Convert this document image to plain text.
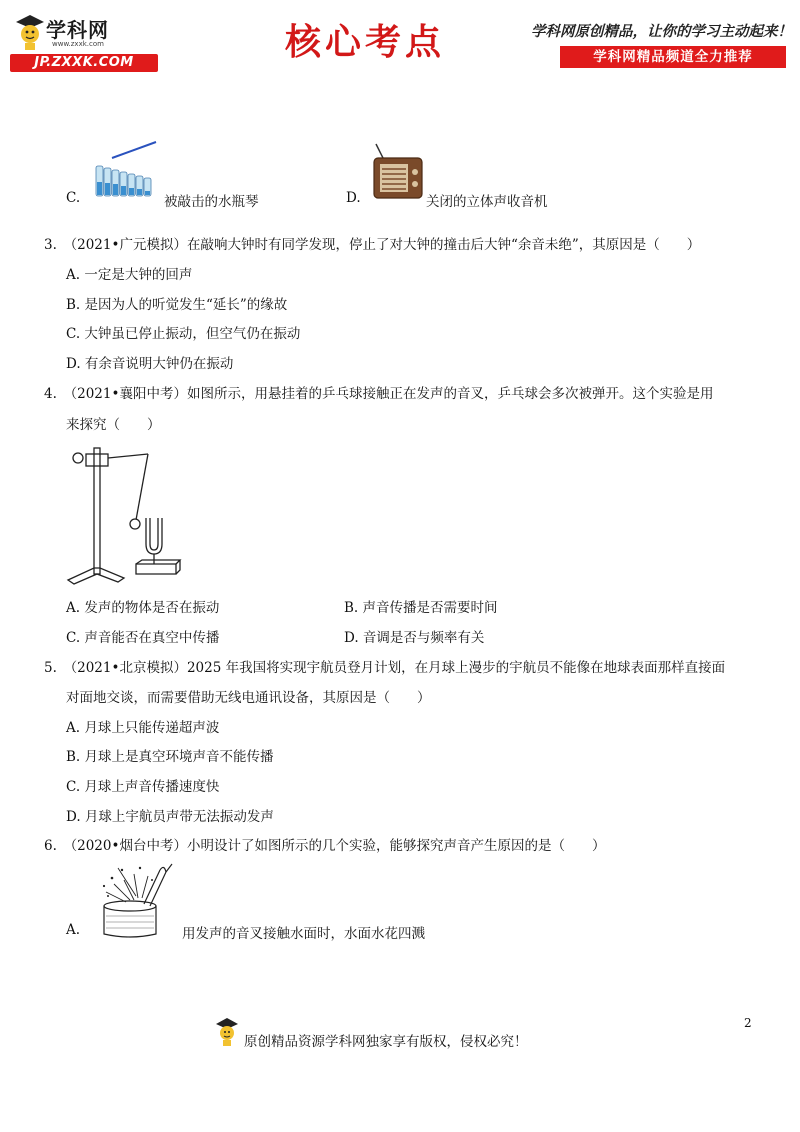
学科网
www.zxxk.com
JP.ZXXK.COM	核心考点	学科网原创精品，让你的学习主动起来！
学科网精品频道全力推荐
C.	被敲击的水瓶琴	D.	关闭的立体声收音机
3.　（2021•广元模拟）在敲响大钟时有同学发现，停止了对大钟的撞击后大钟“余音未绝”，其原因是（　　）
A. 一定是大钟的回声
B. 是因为人的听觉发生“延长”的缘故
C. 大钟虽已停止振动，但空气仍在振动
D. 有余音说明大钟仍在振动
4.　（2021•襄阳中考）如图所示，用悬挂着的乒乓球接触正在发声的音叉，乒乓球会多次被弹开。这个实验是用
来探究（　　）
A. 发声的物体是否在振动	B. 声音传播是否需要时间
C. 声音能否在真空中传播	D. 音调是否与频率有关
5.　（2021•北京模拟）2025 年我国将实现宇航员登月计划，在月球上漫步的宇航员不能像在地球表面那样直接面
对面地交谈，而需要借助无线电通讯设备，其原因是（　　）
A. 月球上只能传递超声波
B. 月球上是真空环境声音不能传播
C. 月球上声音传播速度快
D. 月球上宇航员声带无法振动发声
6.　（2020•烟台中考）小明设计了如图所示的几个实验，能够探究声音产生原因的是（　　）
A.	用发声的音叉接触水面时，水面水花四溅
2
原创精品资源学科网独家享有版权，侵权必究！
